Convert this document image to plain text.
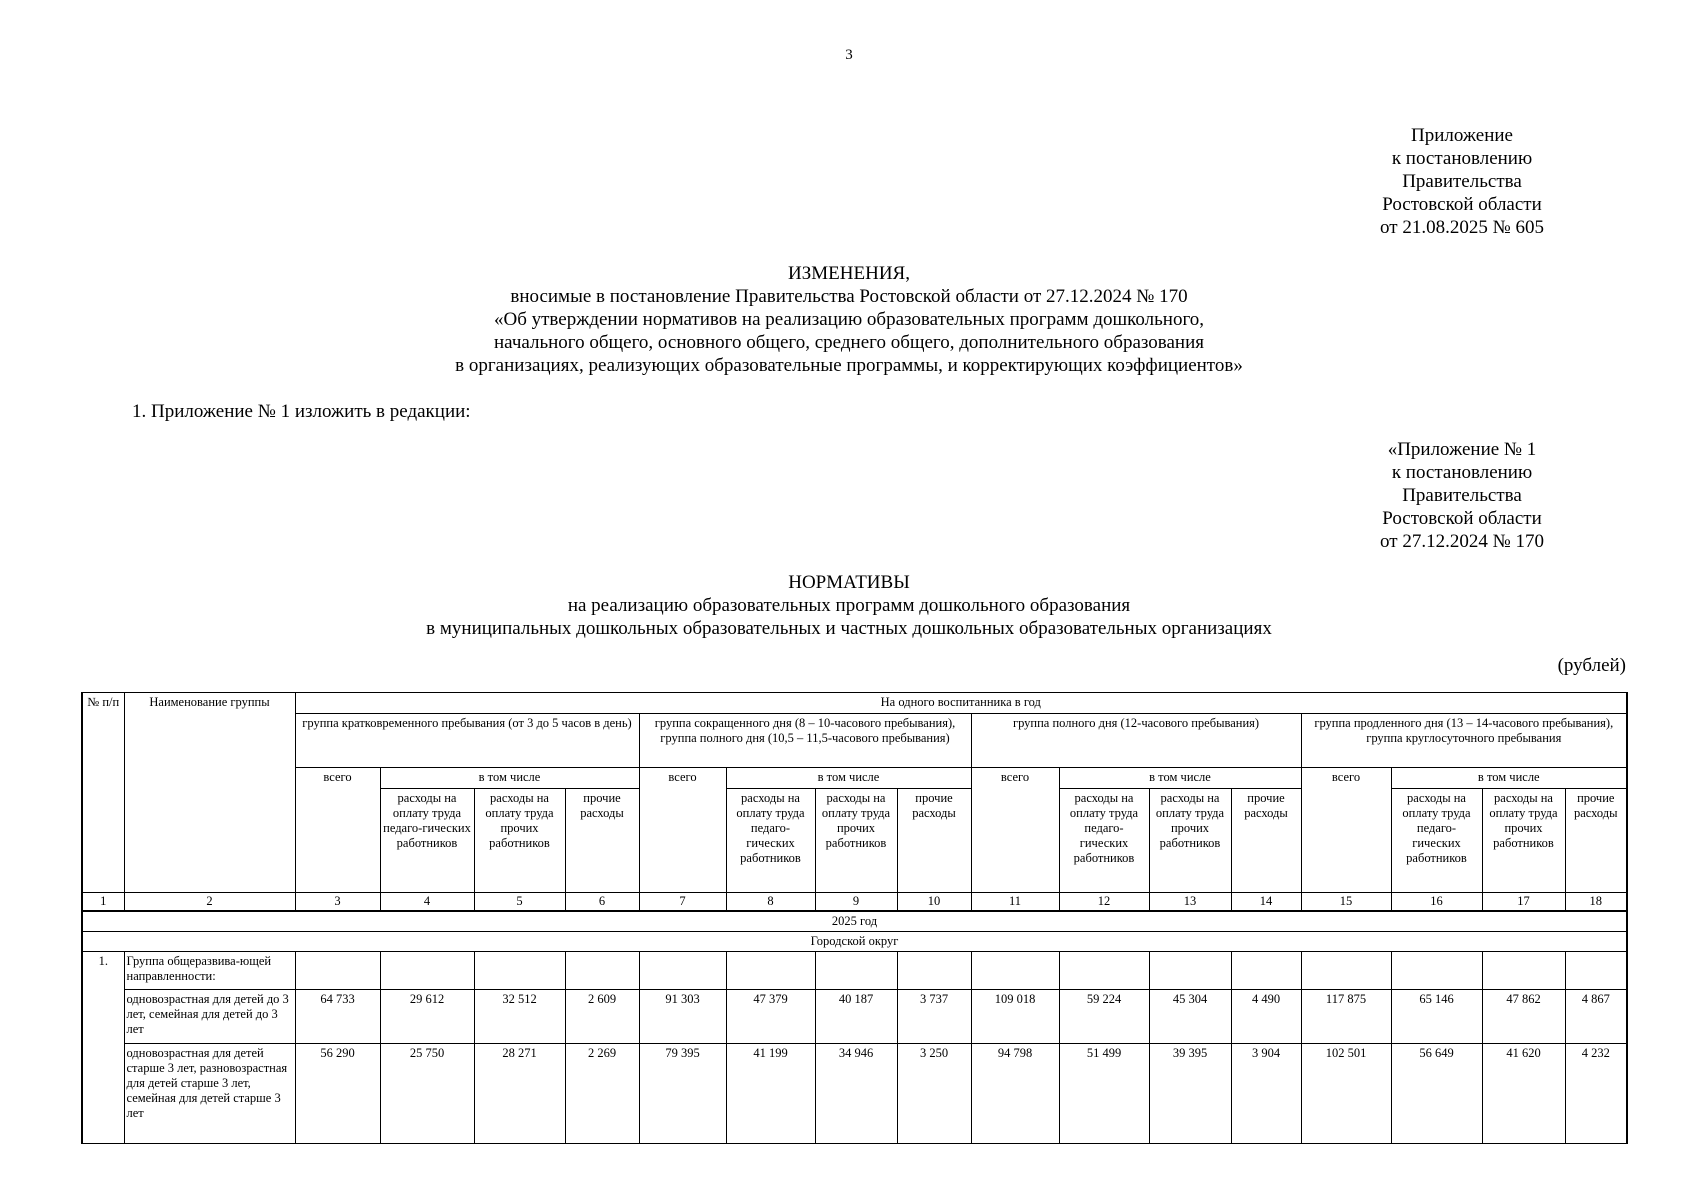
3
Приложение
к постановлению
Правительства
Ростовской области
от 21.08.2025 № 605
ИЗМЕНЕНИЯ,
вносимые в постановление Правительства Ростовской области от 27.12.2024 № 170
«Об утверждении нормативов на реализацию образовательных программ дошкольного,
начального общего, основного общего, среднего общего, дополнительного образования
в организациях, реализующих образовательные программы, и корректирующих коэффициентов»
1. Приложение № 1 изложить в редакции:
«Приложение № 1
к постановлению
Правительства
Ростовской области
от 27.12.2024 № 170
НОРМАТИВЫ
на реализацию образовательных программ дошкольного образования
в муниципальных дошкольных образовательных и частных дошкольных образовательных организациях
(рублей)
№ п/п	Наименование группы	На одного воспитанника в год															
		группа кратковременного пребывания (от 3 до 5 часов в день)				группа сокращенного дня (8 – 10-часового пребывания), группа полного дня (10,5 – 11,5-часового пребывания)				группа полного дня (12-часового пребывания)				группа продленного дня (13 – 14-часового пребывания), группа круглосуточного пребывания			
		всего	в том числе			всего	в том числе			всего	в том числе			всего	в том числе		
			расходы на оплату труда педаго-гических работников	расходы на оплату труда прочих работников	прочие расходы		расходы на оплату труда педаго-гических работников	расходы на оплату труда прочих работников	прочие расходы		расходы на оплату труда педаго-гических работников	расходы на оплату труда прочих работников	прочие расходы		расходы на оплату труда педаго-гических работников	расходы на оплату труда прочих работников	прочие расходы
1	2	3	4	5	6	7	8	9	10	11	12	13	14	15	16	17	18
2025 год																	
Городской округ																	
1.	Группа общеразвива-ющей направленности:																
	одновозрастная для детей до 3 лет, семейная для детей до 3 лет	64 733	29 612	32 512	2 609	91 303	47 379	40 187	3 737	109 018	59 224	45 304	4 490	117 875	65 146	47 862	4 867
	одновозрастная для детей старше 3 лет, разновозрастная для детей старше 3 лет, семейная для детей старше 3 лет	56 290	25 750	28 271	2 269	79 395	41 199	34 946	3 250	94 798	51 499	39 395	3 904	102 501	56 649	41 620	4 232
